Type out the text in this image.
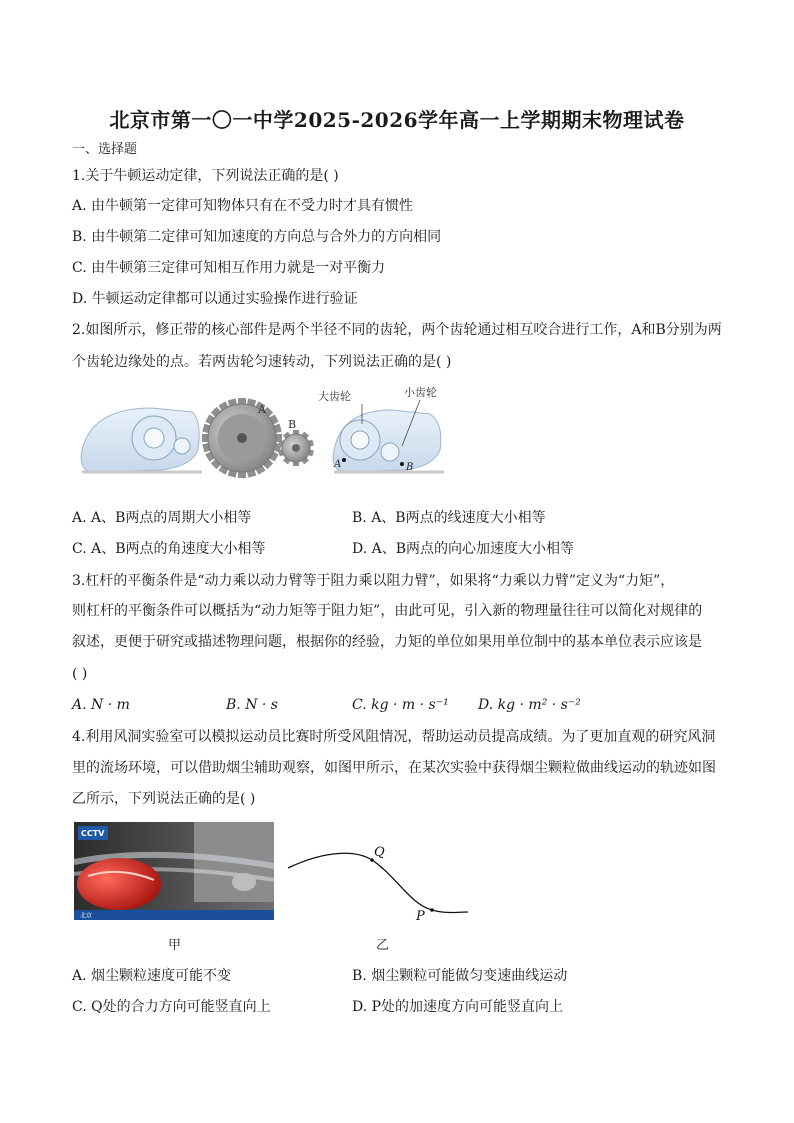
北京市第一〇一中学2025-2026学年高一上学期期末物理试卷
一、选择题
1.关于牛顿运动定律，下列说法正确的是( )
A. 由牛顿第一定律可知物体只有在不受力时才具有惯性
B. 由牛顿第二定律可知加速度的方向总与合外力的方向相同
C. 由牛顿第三定律可知相互作用力就是一对平衡力
D. 牛顿运动定律都可以通过实验操作进行验证
2.如图所示，修正带的核心部件是两个半径不同的齿轮，两个齿轮通过相互咬合进行工作，A和B分别为两
个齿轮边缘处的点。若两齿轮匀速转动，下列说法正确的是( )
A
B
大齿轮	小齿轮
A	B
A. A、B两点的周期大小相等	B. A、B两点的线速度大小相等
C. A、B两点的角速度大小相等	D. A、B两点的向心加速度大小相等
3.杠杆的平衡条件是“动力乘以动力臂等于阻力乘以阻力臂”，如果将“力乘以力臂”定义为“力矩”，
则杠杆的平衡条件可以概括为“动力矩等于阻力矩”，由此可见，引入新的物理量往往可以简化对规律的
叙述，更便于研究或描述物理问题，根据你的经验，力矩的单位如果用单位制中的基本单位表示应该是
( )
A. N · m	B. N · s	C. kg · m · s⁻¹ D. kg · m² · s⁻²
4.利用风洞实验室可以模拟运动员比赛时所受风阻情况，帮助运动员提高成绩。为了更加直观的研究风洞
里的流场环境，可以借助烟尘辅助观察，如图甲所示，在某次实验中获得烟尘颗粒做曲线运动的轨迹如图
乙所示，下列说法正确的是( )
CCTV
北京
甲
Q
P
乙
A. 烟尘颗粒速度可能不变	B. 烟尘颗粒可能做匀变速曲线运动
C. Q处的合力方向可能竖直向上	D. P处的加速度方向可能竖直向上
